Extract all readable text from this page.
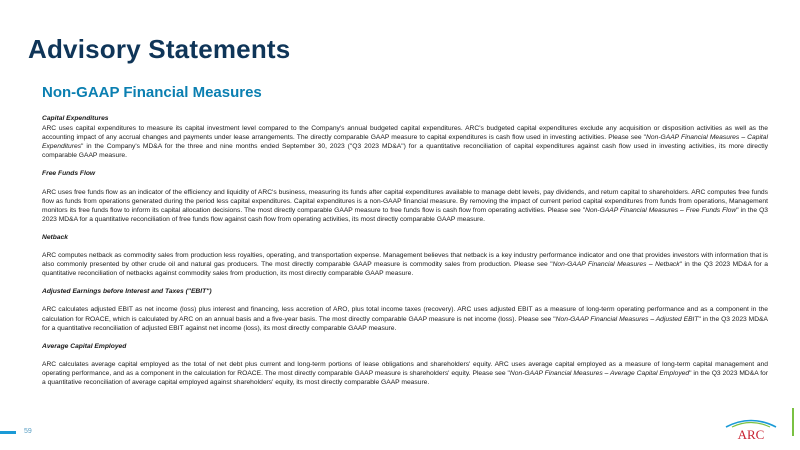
Advisory Statements
Non-GAAP Financial Measures
Capital Expenditures
ARC uses capital expenditures to measure its capital investment level compared to the Company's annual budgeted capital expenditures. ARC's budgeted capital expenditures exclude any acquisition or disposition activities as well as the accounting impact of any accrual changes and payments under lease arrangements. The directly comparable GAAP measure to capital expenditures is cash flow used in investing activities. Please see "Non-GAAP Financial Measures – Capital Expenditures" in the Company's MD&A for the three and nine months ended September 30, 2023 ("Q3 2023 MD&A") for a quantitative reconciliation of capital expenditures against cash flow used in investing activities, its more directly comparable GAAP measure.
Free Funds Flow
ARC uses free funds flow as an indicator of the efficiency and liquidity of ARC's business, measuring its funds after capital expenditures available to manage debt levels, pay dividends, and return capital to shareholders. ARC computes free funds flow as funds from operations generated during the period less capital expenditures. Capital expenditures is a non-GAAP financial measure. By removing the impact of current period capital expenditures from funds from operations, Management monitors its free funds flow to inform its capital allocation decisions. The most directly comparable GAAP measure to free funds flow is cash flow from operating activities. Please see "Non-GAAP Financial Measures – Free Funds Flow" in the Q3 2023 MD&A for a quantitative reconciliation of free funds flow against cash flow from operating activities, its most directly comparable GAAP measure.
Netback
ARC computes netback as commodity sales from production less royalties, operating, and transportation expense. Management believes that netback is a key industry performance indicator and one that provides investors with information that is also commonly presented by other crude oil and natural gas producers. The most directly comparable GAAP measure is commodity sales from production. Please see "Non-GAAP Financial Measures – Netback" in the Q3 2023 MD&A for a quantitative reconciliation of netbacks against commodity sales from production, its most directly comparable GAAP measure.
Adjusted Earnings before Interest and Taxes ("EBIT")
ARC calculates adjusted EBIT as net income (loss) plus interest and financing, less accretion of ARO, plus total income taxes (recovery). ARC uses adjusted EBIT as a measure of long-term operating performance and as a component in the calculation for ROACE, which is calculated by ARC on an annual basis and a five-year basis. The most directly comparable GAAP measure is net income (loss). Please see "Non-GAAP Financial Measures – Adjusted EBIT" in the Q3 2023 MD&A for a quantitative reconciliation of adjusted EBIT against net income (loss), its most directly comparable GAAP measure.
Average Capital Employed
ARC calculates average capital employed as the total of net debt plus current and long-term portions of lease obligations and shareholders' equity. ARC uses average capital employed as a measure of long-term capital management and operating performance, and as a component in the calculation for ROACE. The most directly comparable GAAP measure is shareholders' equity. Please see "Non-GAAP Financial Measures – Average Capital Employed" in the Q3 2023 MD&A for a quantitative reconciliation of average capital employed against shareholders' equity, its most directly comparable GAAP measure.
59	ARC
